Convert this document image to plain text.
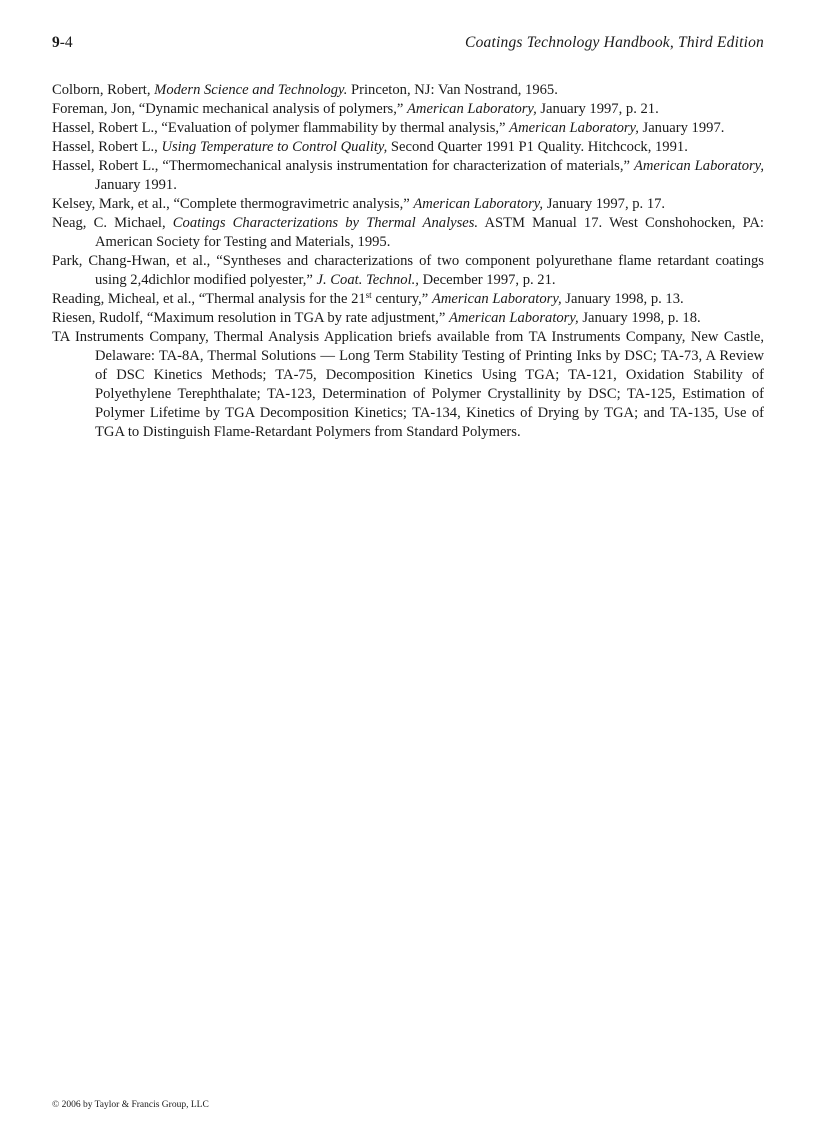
9-4	Coatings Technology Handbook, Third Edition
Colborn, Robert, Modern Science and Technology. Princeton, NJ: Van Nostrand, 1965.
Foreman, Jon, “Dynamic mechanical analysis of polymers,” American Laboratory, January 1997, p. 21.
Hassel, Robert L., “Evaluation of polymer flammability by thermal analysis,” American Laboratory, January 1997.
Hassel, Robert L., Using Temperature to Control Quality, Second Quarter 1991 P1 Quality. Hitchcock, 1991.
Hassel, Robert L., “Thermomechanical analysis instrumentation for characterization of materials,” American Laboratory, January 1991.
Kelsey, Mark, et al., “Complete thermogravimetric analysis,” American Laboratory, January 1997, p. 17.
Neag, C. Michael, Coatings Characterizations by Thermal Analyses. ASTM Manual 17. West Conshohocken, PA: American Society for Testing and Materials, 1995.
Park, Chang-Hwan, et al., “Syntheses and characterizations of two component polyurethane flame retardant coatings using 2,4dichlor modified polyester,” J. Coat. Technol., December 1997, p. 21.
Reading, Micheal, et al., “Thermal analysis for the 21st century,” American Laboratory, January 1998, p. 13.
Riesen, Rudolf, “Maximum resolution in TGA by rate adjustment,” American Laboratory, January 1998, p. 18.
TA Instruments Company, Thermal Analysis Application briefs available from TA Instruments Company, New Castle, Delaware: TA-8A, Thermal Solutions — Long Term Stability Testing of Printing Inks by DSC; TA-73, A Review of DSC Kinetics Methods; TA-75, Decomposition Kinetics Using TGA; TA-121, Oxidation Stability of Polyethylene Terephthalate; TA-123, Determination of Polymer Crystallinity by DSC; TA-125, Estimation of Polymer Lifetime by TGA Decomposition Kinetics; TA-134, Kinetics of Drying by TGA; and TA-135, Use of TGA to Distinguish Flame-Retardant Polymers from Standard Polymers.
© 2006 by Taylor & Francis Group, LLC
